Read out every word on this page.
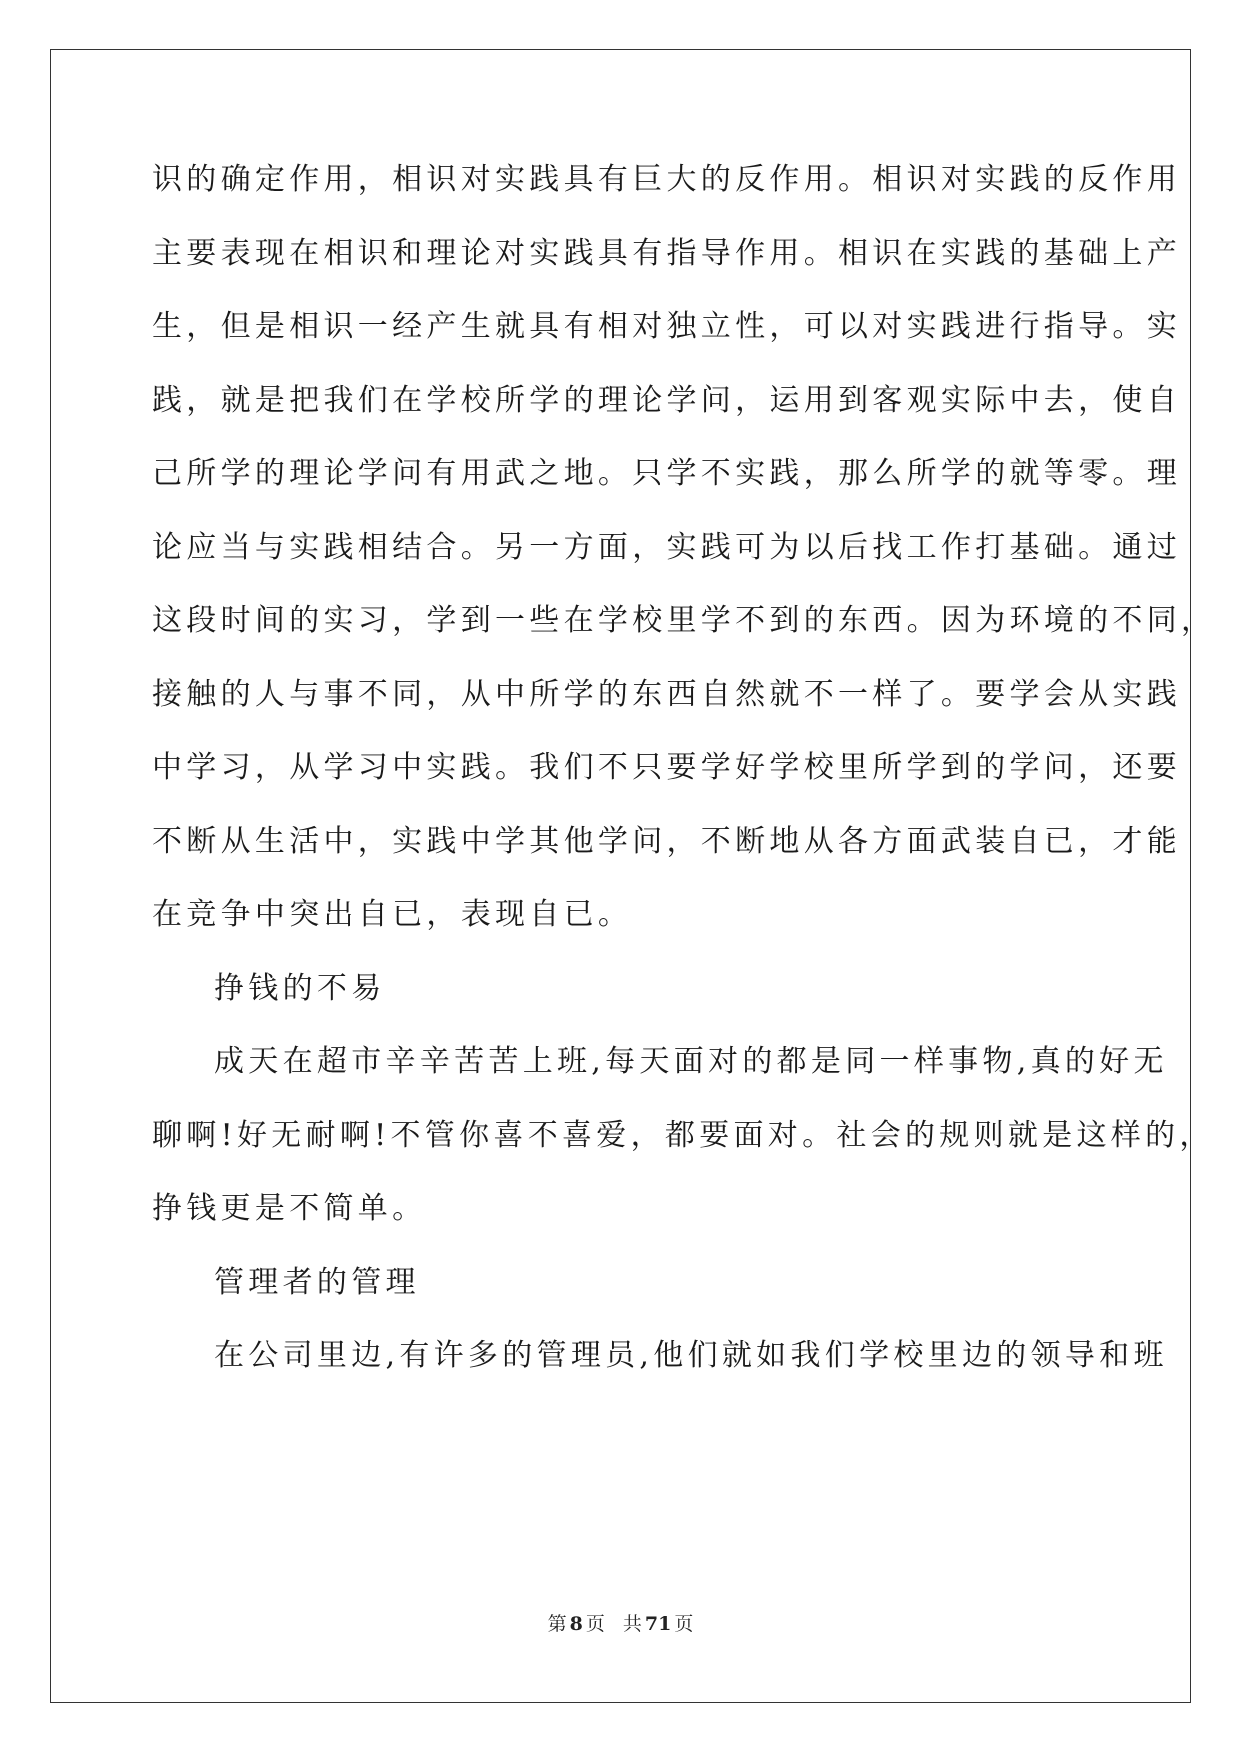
识的确定作用，相识对实践具有巨大的反作用。相识对实践的反作用
主要表现在相识和理论对实践具有指导作用。相识在实践的基础上产
生，但是相识一经产生就具有相对独立性，可以对实践进行指导。实
践，就是把我们在学校所学的理论学问，运用到客观实际中去，使自
己所学的理论学问有用武之地。只学不实践，那么所学的就等零。理
论应当与实践相结合。另一方面，实践可为以后找工作打基础。通过
这段时间的实习，学到一些在学校里学不到的东西。因为环境的不同，
接触的人与事不同，从中所学的东西自然就不一样了。要学会从实践
中学习，从学习中实践。我们不只要学好学校里所学到的学问，还要
不断从生活中，实践中学其他学问，不断地从各方面武装自已，才能
在竞争中突出自已，表现自已。
挣钱的不易
成天在超市辛辛苦苦上班,每天面对的都是同一样事物,真的好无
聊啊!好无耐啊!不管你喜不喜爱，都要面对。社会的规则就是这样的，
挣钱更是不简单。
管理者的管理
在公司里边,有许多的管理员,他们就如我们学校里边的领导和班
第 8 页 共 71 页
